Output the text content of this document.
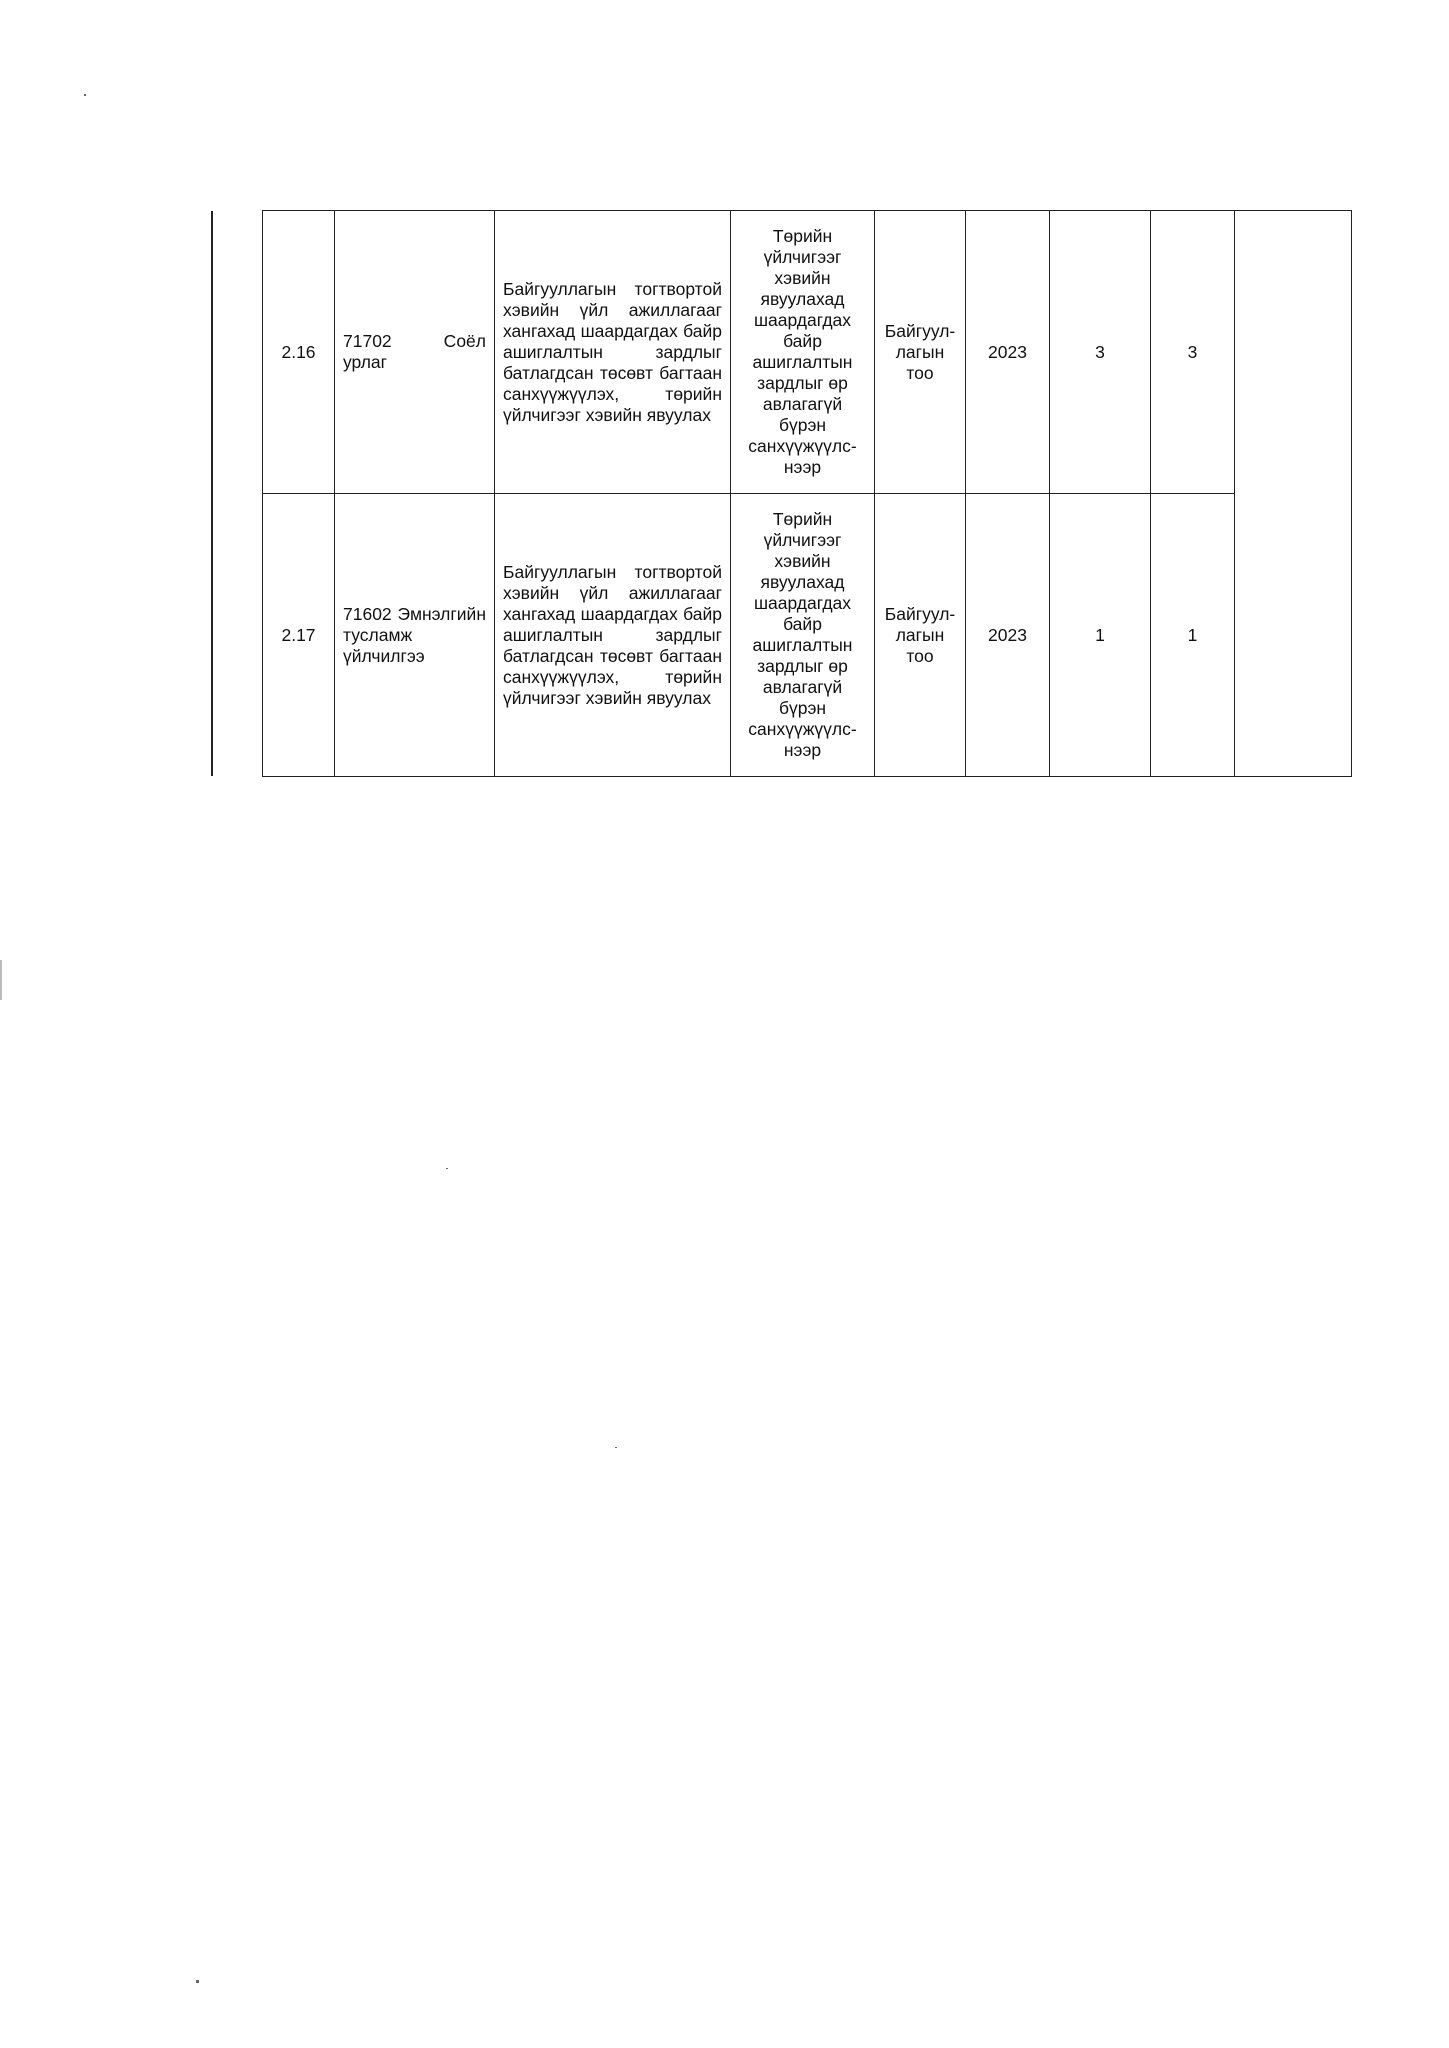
2.16	71702 Соёл урлаг	Байгууллагын тогтвортой хэвийн үйл ажиллагааг хангахад шаардагдах байр ашиглалтын зардлыг батлагдсан төсөвт багтаан санхүүжүүлэх, төрийн үйлчигээг хэвийн явуулах	Төрийн үйлчигээг хэвийн явуулахад шаардагдах байр ашиглалтын зардлыг өр авлагагүй бүрэн санхүүжүүлс-нээр	Байгуул-лагын тоо	2023	3	3	
2.17	71602 Эмнэлгийн тусламж үйлчилгээ	Байгууллагын тогтвортой хэвийн үйл ажиллагааг хангахад шаардагдах байр ашиглалтын зардлыг батлагдсан төсөвт багтаан санхүүжүүлэх, төрийн үйлчигээг хэвийн явуулах	Төрийн үйлчигээг хэвийн явуулахад шаардагдах байр ашиглалтын зардлыг өр авлагагүй бүрэн санхүүжүүлс-нээр	Байгуул-лагын тоо	2023	1	1	
